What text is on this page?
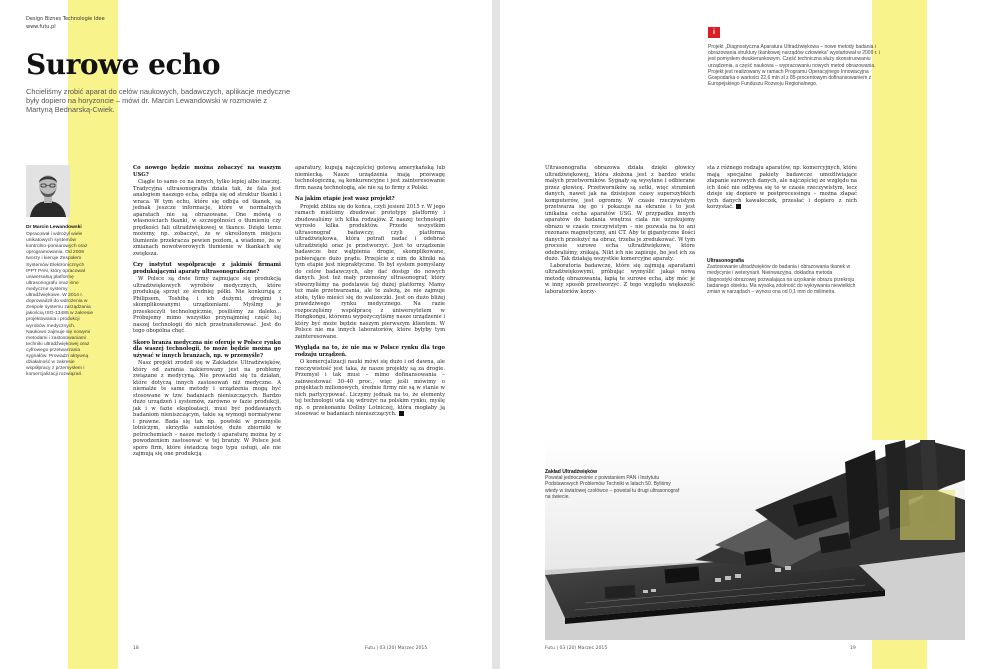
Design Biznes Technologie Idee
www.futu.pl
Surowe echo

Chcieliśmy zrobić aparat do celów naukowych, badawczych, aplikacje medyczne były dopiero na horyzoncie – mówi dr. Marcin Lewandowski w rozmowie z Martyną Bednarską-Cwiek.

Dr Marcin Lewandowski
Opracował i wdrożył wiele unikatowych systemów kontrolno-pomiarowych oraz oprogramowania. Od 2009 tworzy i kieruje Zespołem Systemów Elektronicznych IPPT PAN, który opracował uniwersalną platformę ultrasonografu oraz inne medyczne systemy ultradźwiękowe. W 2014 r. doprowadził do wdrożenia w Zespole systemu zarządzania jakością ISO-13485 w zakresie projektowania i produkcji wyrobów medycznych. Naukowo zajmuje się nowymi metodami i zastosowaniami techniki ultradźwiękowej oraz cyfrowego przetwarzania sygnałów. Prowadzi aktywną działalność w zakresie współpracy z przemysłem i komercjalizacji rozwiązań.
18	Futu | 03 (20) Marzec 2015

Co nowego będzie można zobaczyć na waszym USG?

Ciągle to samo co na innych, tylko lepiej albo inaczej. Tradycyjna ultrasonografia działa tak, że fala jest analogiem naszego echa, odbija się od struktur tkanki i wraca. W tym echu, które się odbija od tkanek, są jednak jeszcze informacje, które w normalnych aparatach nie są obrazowane. One mówią o własnościach tkanki, w szczególności o tłumieniu czy prędkości fali ultradźwiękowej w tkance. Dzięki temu możemy, np. zobaczyć, że w określonym miejscu tłumienie przekracza pewien poziom, a wiadomo, że w zmianach nowotworowych tłumienie w tkankach się zwiększa.

Czy instytut współpracuje z jakimiś firmami produkującymi aparaty ultrasonograficzne?

W Polsce są dwie firmy zajmujące się produkcją ultradźwiękowych wyrobów medycznych, które produkują sprzęt ze średniej półki. Nie konkurują z Philipsem, Toshibą i ich dużymi, drogimi i skomplikowanymi urządzeniami. Myślmy je przeskoczyli technologicznie, posiliśmy za daleko... Próbujemy mimo wszystko przynajmniej część tej naszej technologii do nich przetransferować. Jest do tego obopólna chęć.

Skoro branża medyczna nie oferuje w Polsce rynku dla waszej technologii, to może będzie można go używać w innych branżach, np. w przemyśle?

Nasz projekt zrodził się w Zakładzie Ultradźwięków, który od zarania nakierowany jest na problemy związane z medycyną. Nie prowadzi się tu działań, które dotyczą innych zastosowań niż medyczne. A niemalże te same metody i urządzenia mogą być stosowane w tzw. badaniach nieniszczących. Bardzo dużo urządzeń i systemów, zarówno w fazie produkcji, jak i w fazie eksploatacji, musi być poddawanych badaniom nieniszczącym, takie są wymogi normatywne i prawne. Bada się tak np. powłoki w przemyśle lotniczym, skrzydła samolotów, duże zbiorniki w petrochemiach – nasze metody i aparaturę można by z powodzeniem zastosować w tej branży. W Polsce jest sporo firm, które świadczą tego typu usługi, ale nie zajmują się one produkcją

aparatury, kupują najczęściej gotową amerykańską lub niemiecką. Nasze urządzenia mają przewagę technologiczną, są konkurencyjne i jest zainteresowanie firm naszą technologią, ale nie są to firmy z Polski.

Na jakim etapie jest wasz projekt?

Projekt zbliża się do końca, czyli jesieni 2015 r. W jego ramach mieliśmy zbudować prototypy platformy i zbudowaliśmy ich kilka rodzajów. Z naszej technologii wyrosło kilka produktów. Przede wszystkim ultrasonograf badawczy, czyli platforma ultradźwiękowa, która potrafi nadać i odebrać ultradźwięki oraz je przetworzyć. Jest to urządzenie badawcze bez wątpienia drogie, skomplikowane, pobierające dużo prądu. Przejście z nim do kliniki na tym etapie jest niepraktyczne. To był system pomyślany do celów badawczych, aby dać dostęp do nowych danych. Jest też mały przenośny ultrasonograf, który stworzyliśmy na podstawie tej dużej platformy. Mamy też małe przetwarzania, ale te zależą, że nie zajmuje stołu, tylko mieści się do walizeczki. Jest on dużo bliżej prawdziwego rynku medycznego. Na razie rozpoczęliśmy współpracę z uniwersytetem w Hongkongu, któremu wypożyczyliśmy nasze urządzenie i który być może będzie naszym pierwszym klientem. W Polsce nie ma innych laboratoriów, które byłyby tym zainteresowane.

Wygląda na to, że nie ma w Polsce rynku dla tego rodzaju urządzeń.

O komercjalizacji nauki mówi się dużo i od dawna, ale rzeczywistość jest taka, że nasze projekty są za drogie. Przemysł i tak musi – mimo dofinansowania – zainwestować 30–40 proc., więc jeśli mówimy o projektach milionowych, średnie firmy nie są w stanie w nich partycypować. Liczymy jednak na to, że elementy tej technologii uda się wdrożyć na polskim rynku, myślę np. o przekonaniu Doliny Lotniczej, która mogłaby ją stosować w badaniach nieniszczących.

Ultrasonografia obrazowa działa dzięki głowicy ultradźwiękowej, która złożona jest z bardzo wielu małych przetworników. Sygnały są wysyłane i odbierane przez głowicę. Przetworników są setki, więc strumień danych, nawet jak na dzisiejsze czasy superszybkich komputerów, jest ogromny. W czasie rzeczywistym przetwarza się go i pokazuje na ekranie i to jest unikalna cecha aparatów USG. W przypadku innych aparatów do badania wnętrza ciała nie uzyskujemy obrazu w czasie rzeczywistym – nie pozwala na to ani rezonans magnetyczny, ani CT. Aby te gigantyczne ilości danych przełożyć na obraz, trzeba je zredukować. W tym procesie surowe echa ultradźwiękowe, które odebraliśmy, znikają. Nikt ich nie zapisuje, bo jest ich za dużo. Tak działają wszystkie komercyjne aparaty.

Laboratoria badawcze, które się zajmują aparatami ultradźwiękowymi, próbując wymyślić jakąś nową metodę obrazowania, łapią te surowe echa, aby móc je w inny sposób przetworzyć. Z tego względu większość laboratoriów korzy-

sta z różnego rodzaju aparatów, np. komercyjnych, które mają specjalne pakiety badawcze umożliwiające złapanie surowych danych, ale najczęściej ze względu na ich ilość nie odbywa się to w czasie rzeczywistym, lecz dzieje się dopiero w postprocessingu – można złapać tych danych kawałeczek, przesłać i dopiero z nich korzystać.

i
Projekt „Diagnostyczna Aparatura Ultradźwiękowa – nowe metody badania i obrazowania struktury tkankowej narządów człowieka” wystartował w 2009 r. i jest pomysłem dwukierunkowym. Część techniczna służy skonstruowaniu urządzenia, a część naukowa – wypracowaniu nowych metod obrazowania. Projekt jest realizowany w ramach Programu Operacyjnego Innowacyjna Gospodarka o wartości 22,6 mln zł z 85-procentowym dofinansowaniem z Europejskiego Funduszu Rozwoju Regionalnego.
Ultrasonografia
Zastosowanie ultradźwięków do badania i obrazowania tkanek w medycynie i weterynarii. Nieinwazyjna, dokładna metoda diagnostyki obrazowej pozwalająca na uzyskanie obrazu przekroju badanego obiektu. Ma wysoką zdolność do wykrywania niewielkich zmian w narządach – wynosi ona od 0,1 mm do milimetra.
Zakład Ultradźwięków
Powstał jednocześnie z powstaniem PAN i Instytutu Podstawowych Problemów Techniki w latach 50. Byliśmy wtedy w światowej czołówce – powstał tu drugi ultrasonograf na świecie.
Futu | 03 (20) Marzec 2015	19
